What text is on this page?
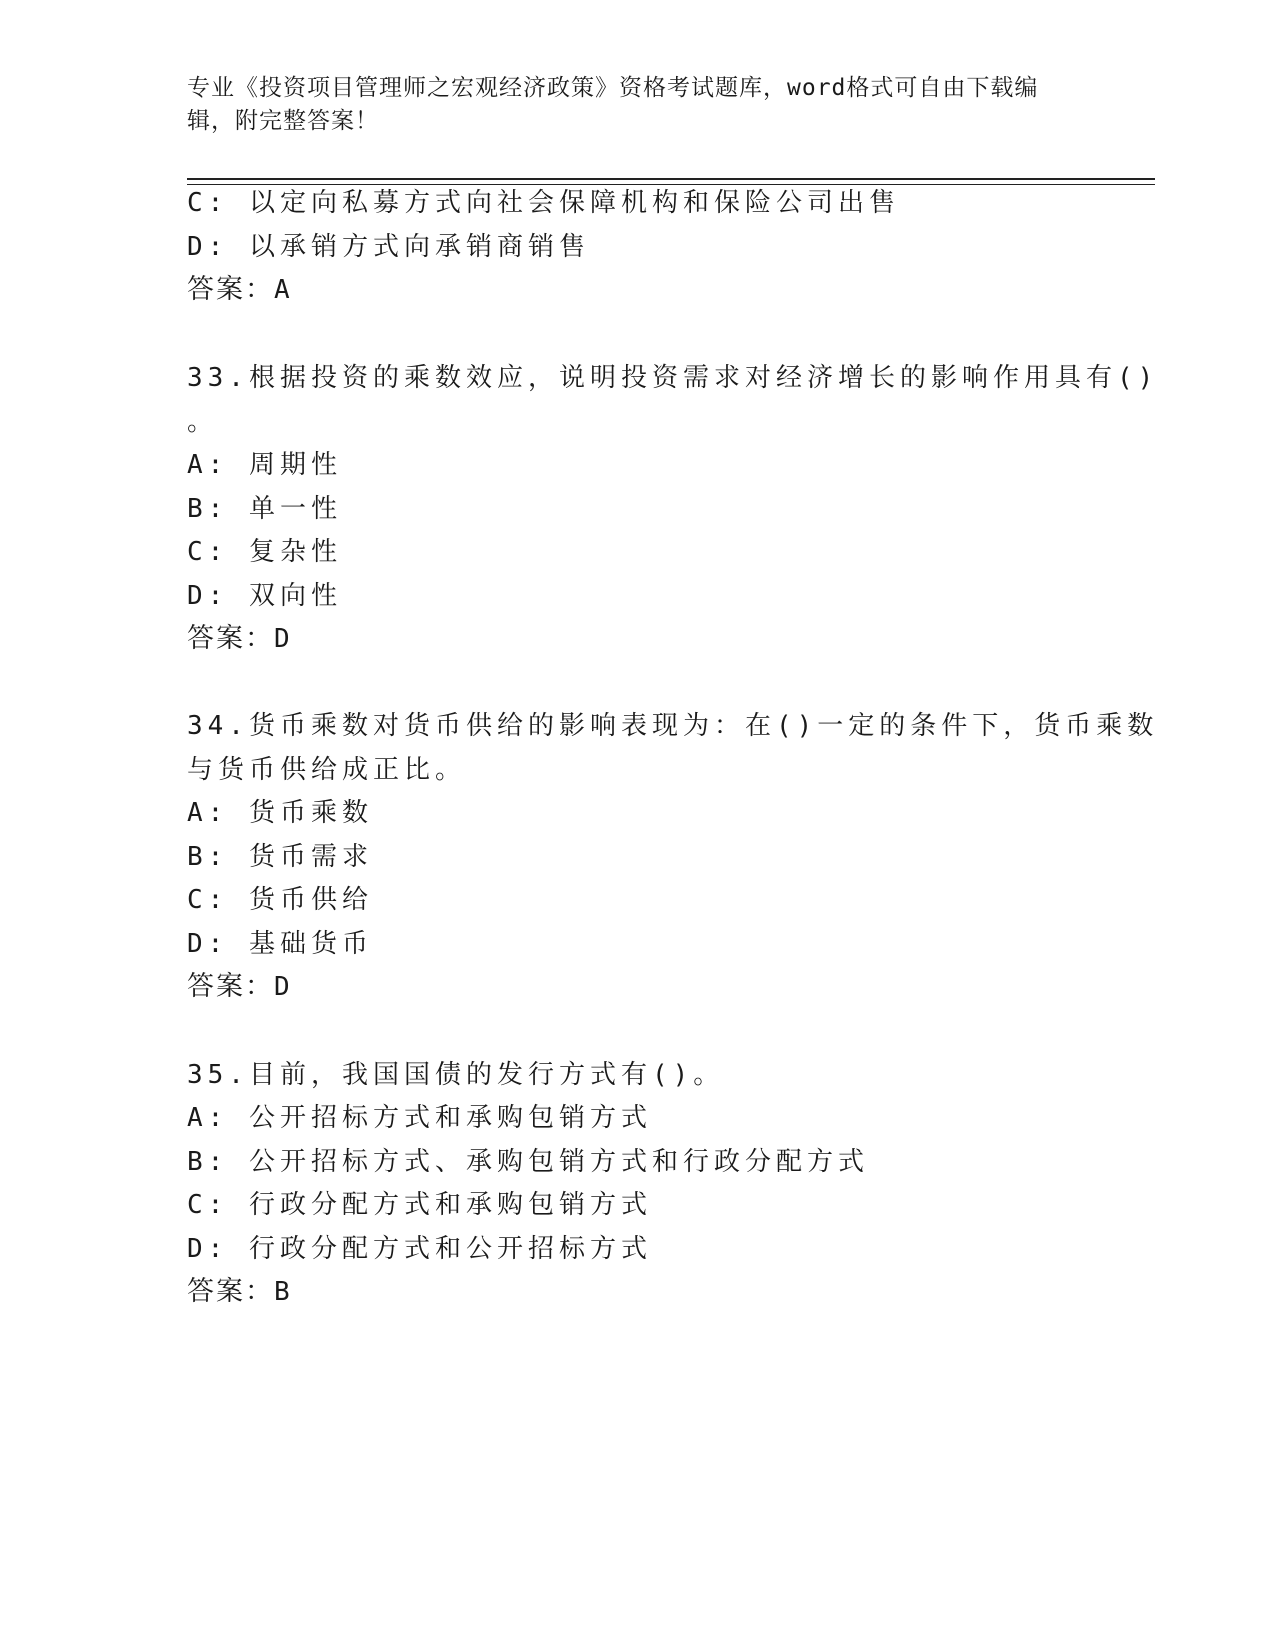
专业《投资项目管理师之宏观经济政策》资格考试题库，word格式可自由下载编辑，附完整答案！
C: 以定向私募方式向社会保障机构和保险公司出售
D: 以承销方式向承销商销售
答案：A
33.根据投资的乘数效应，说明投资需求对经济增长的影响作用具有()
。
A: 周期性
B: 单一性
C: 复杂性
D: 双向性
答案：D
34.货币乘数对货币供给的影响表现为：在()一定的条件下，货币乘数
与货币供给成正比。
A: 货币乘数
B: 货币需求
C: 货币供给
D: 基础货币
答案：D
35.目前，我国国债的发行方式有()。
A: 公开招标方式和承购包销方式
B: 公开招标方式、承购包销方式和行政分配方式
C: 行政分配方式和承购包销方式
D: 行政分配方式和公开招标方式
答案：B
